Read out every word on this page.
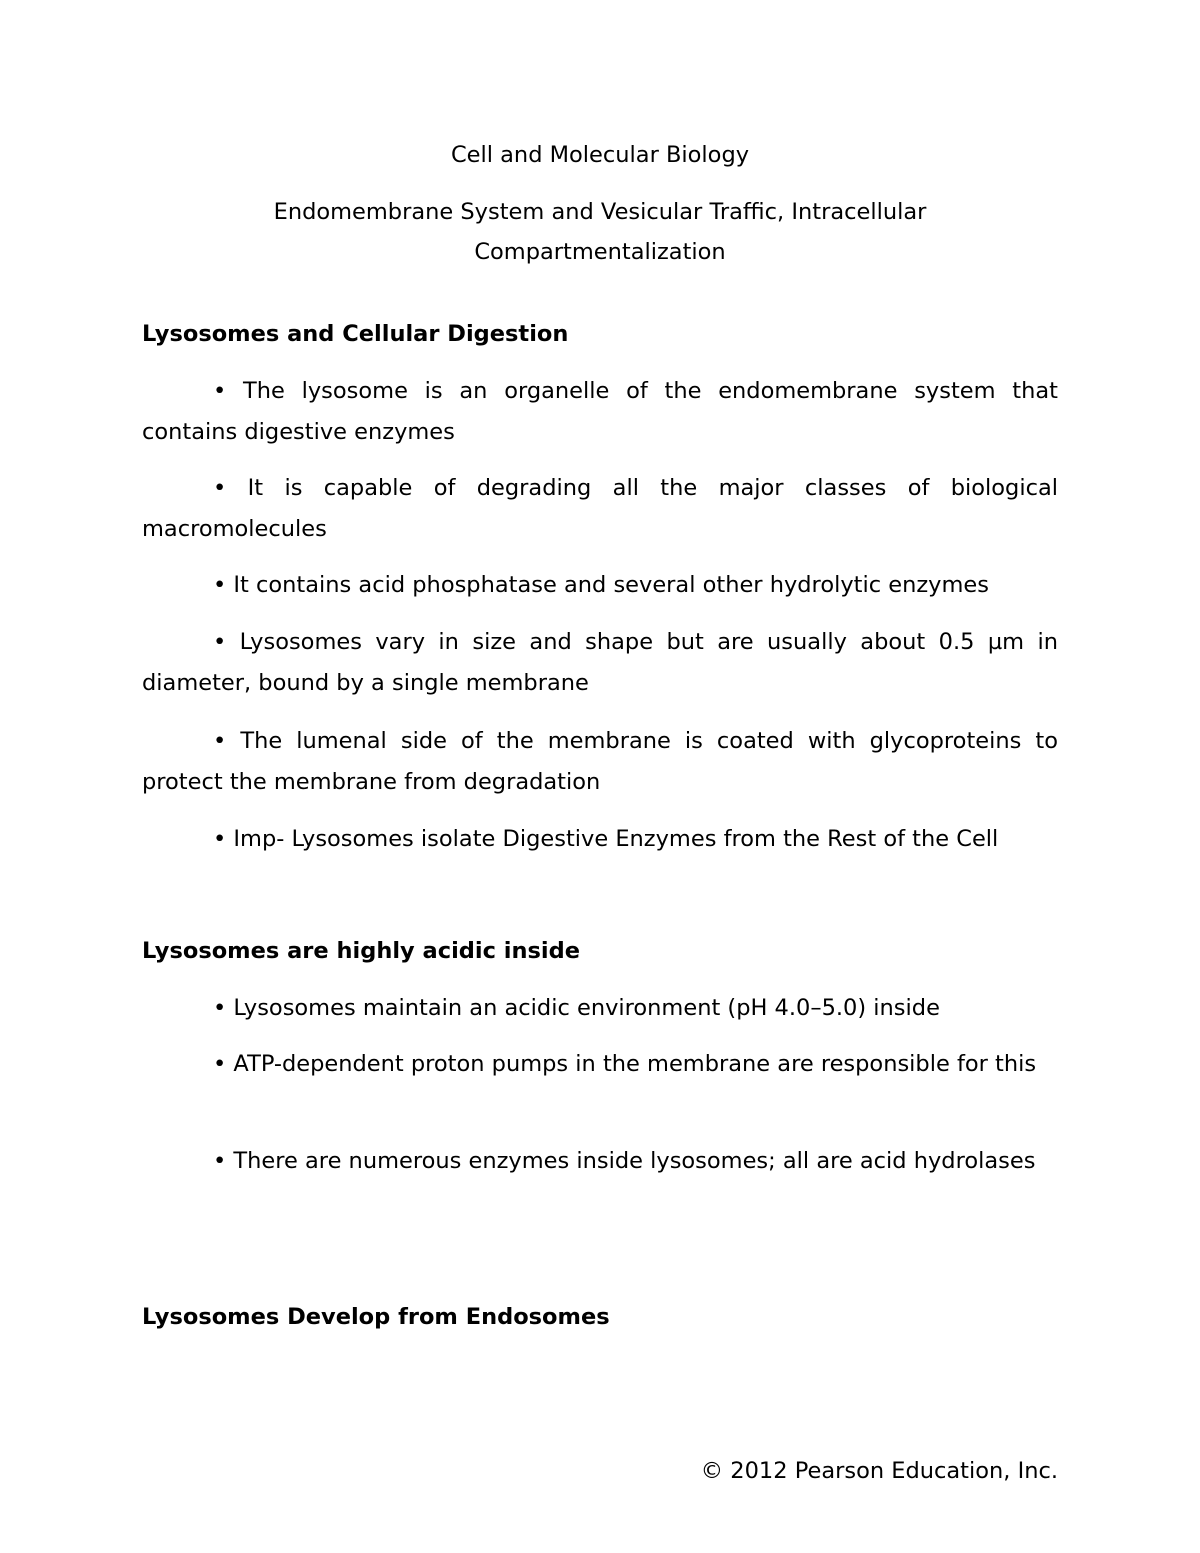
Cell and Molecular Biology
Endomembrane System and Vesicular Traffic, Intracellular
Compartmentalization
Lysosomes and Cellular Digestion
• The lysosome is an organelle of the endomembrane system that contains digestive enzymes
• It is capable of degrading all the major classes of biological macromolecules
• It contains acid phosphatase and several other hydrolytic enzymes
• Lysosomes vary in size and shape but are usually about 0.5 µm in diameter, bound by a single membrane
• The lumenal side of the membrane is coated with glycoproteins to protect the membrane from degradation
• Imp- Lysosomes isolate Digestive Enzymes from the Rest of the Cell
Lysosomes are highly acidic inside
• Lysosomes maintain an acidic environment (pH 4.0–5.0) inside
• ATP-dependent proton pumps in the membrane are responsible for this
• There are numerous enzymes inside lysosomes; all are acid hydrolases
Lysosomes Develop from Endosomes
© 2012 Pearson Education, Inc.
